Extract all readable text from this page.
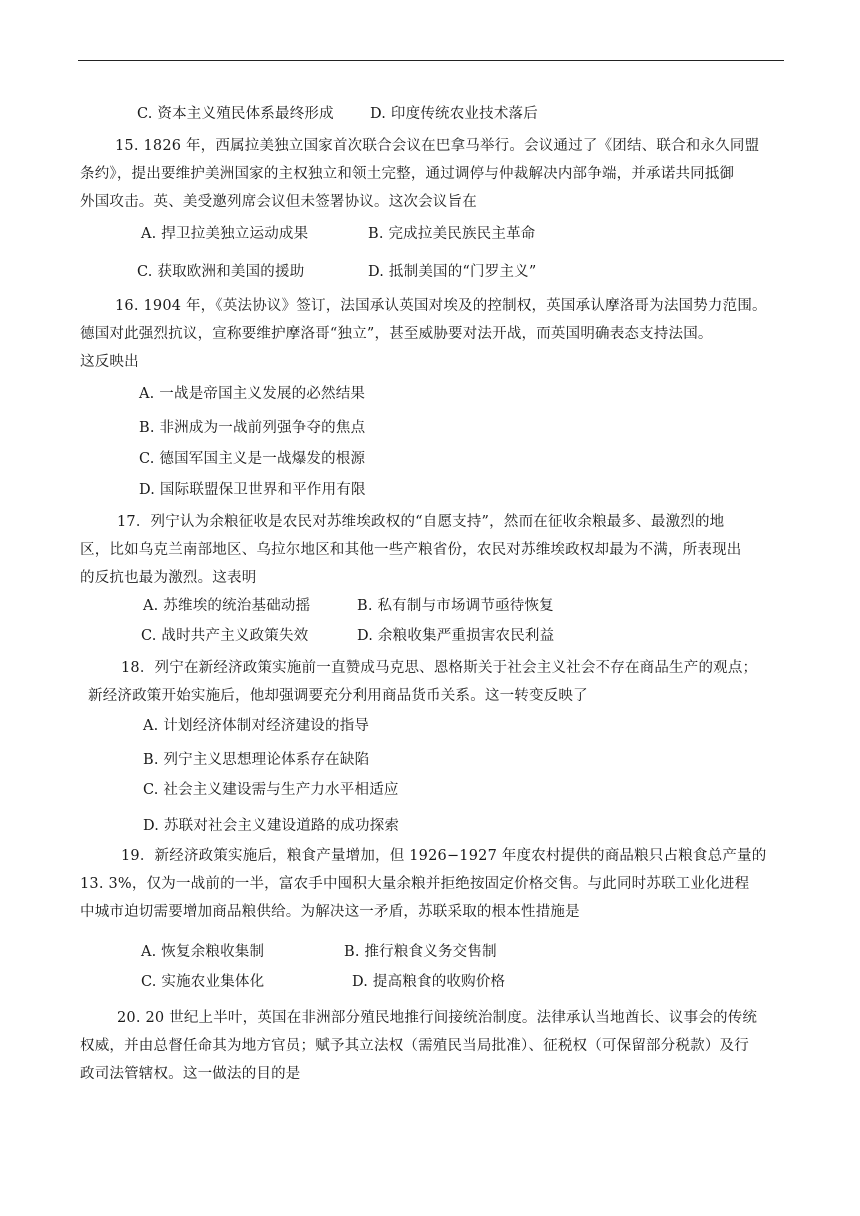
C. 资本主义殖民体系最终形成 D. 印度传统农业技术落后
15. 1826 年，西属拉美独立国家首次联合会议在巴拿马举行。会议通过了《团结、联合和永久同盟
条约》，提出要维护美洲国家的主权独立和领土完整，通过调停与仲裁解决内部争端，并承诺共同抵御
外国攻击。英、美受邀列席会议但未签署协议。这次会议旨在
A. 捍卫拉美独立运动成果	B. 完成拉美民族民主革命
C. 获取欧洲和美国的援助	D. 抵制美国的“门罗主义”
16. 1904 年，《英法协议》签订，法国承认英国对埃及的控制权，英国承认摩洛哥为法国势力范围。
德国对此强烈抗议，宣称要维护摩洛哥“独立”，甚至威胁要对法开战，而英国明确表态支持法国。
这反映出
A. 一战是帝国主义发展的必然结果
B. 非洲成为一战前列强争夺的焦点
C. 德国军国主义是一战爆发的根源
D. 国际联盟保卫世界和平作用有限
17．列宁认为余粮征收是农民对苏维埃政权的“自愿支持”，然而在征收余粮最多、最激烈的地
区，比如乌克兰南部地区、乌拉尔地区和其他一些产粮省份，农民对苏维埃政权却最为不满，所表现出
的反抗也最为激烈。这表明
A. 苏维埃的统治基础动摇	B. 私有制与市场调节亟待恢复
C. 战时共产主义政策失效	D. 余粮收集严重损害农民利益
18．列宁在新经济政策实施前一直赞成马克思、恩格斯关于社会主义社会不存在商品生产的观点；
新经济政策开始实施后，他却强调要充分利用商品货币关系。这一转变反映了
A. 计划经济体制对经济建设的指导
B. 列宁主义思想理论体系存在缺陷
C. 社会主义建设需与生产力水平相适应
D. 苏联对社会主义建设道路的成功探索
19．新经济政策实施后，粮食产量增加，但 1926−1927 年度农村提供的商品粮只占粮食总产量的
13. 3%，仅为一战前的一半，富农手中囤积大量余粮并拒绝按固定价格交售。与此同时苏联工业化进程
中城市迫切需要增加商品粮供给。为解决这一矛盾，苏联采取的根本性措施是
A. 恢复余粮收集制	B. 推行粮食义务交售制
C. 实施农业集体化	D. 提高粮食的收购价格
20. 20 世纪上半叶，英国在非洲部分殖民地推行间接统治制度。法律承认当地酋长、议事会的传统
权威，并由总督任命其为地方官员；赋予其立法权（需殖民当局批准）、征税权（可保留部分税款）及行
政司法管辖权。这一做法的目的是
